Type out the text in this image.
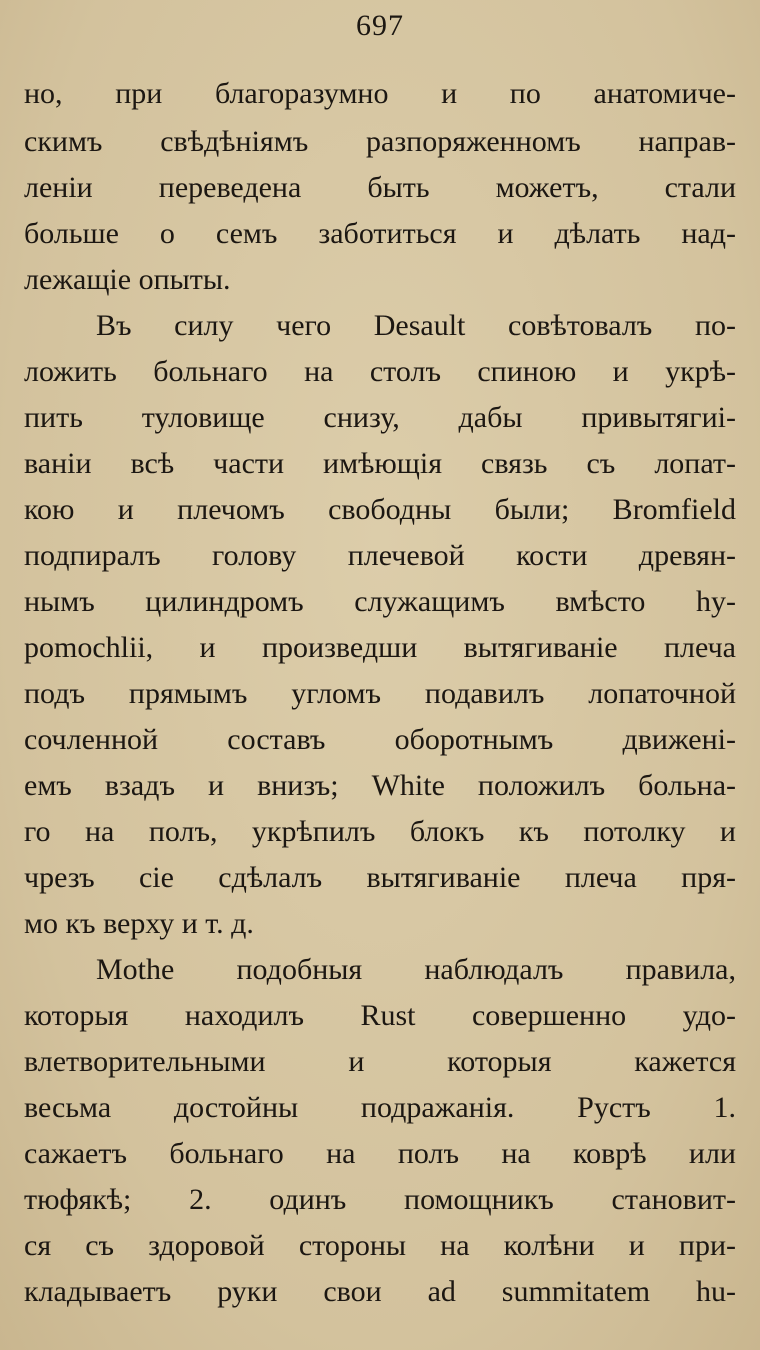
697
но, при благоразумно и по анатомиче-
скимъ свѣдѣніямъ разпоряженномъ направ-
леніи переведена быть можетъ, стали
больше о семъ заботиться и дѣлать над-
лежащіе опыты.
Въ силу чего Desault совѣтовалъ по-
ложить больнаго на столъ спиною и укрѣ-
пить туловище снизу, дабы привытягиі-
ваніи всѣ части имѣющія связь съ лопат-
кою и плечомъ свободны были; Bromfield
подпиралъ голову плечевой кости древян-
нымъ цилиндромъ служащимъ вмѣсто hy-
pomochlii, и произведши вытягиваніе плеча
подъ прямымъ угломъ подавилъ лопаточной
сочленной составъ оборотнымъ движені-
емъ взадъ и внизъ; White положилъ больна-
го на полъ, укрѣпилъ блокъ къ потолку и
чрезъ сіе сдѣлалъ вытягиваніе плеча пря-
мо къ верху и т. д.
Mothe подобныя наблюдалъ правила,
которыя находилъ Rust совершенно удо-
влетворительными и которыя кажется
весьма достойны подражанія. Рустъ 1.
сажаетъ больнаго на полъ на коврѣ или
тюфякѣ; 2. одинъ помощникъ становит-
ся съ здоровой стороны на колѣни и при-
кладываетъ руки свои ad summitatem hu-
